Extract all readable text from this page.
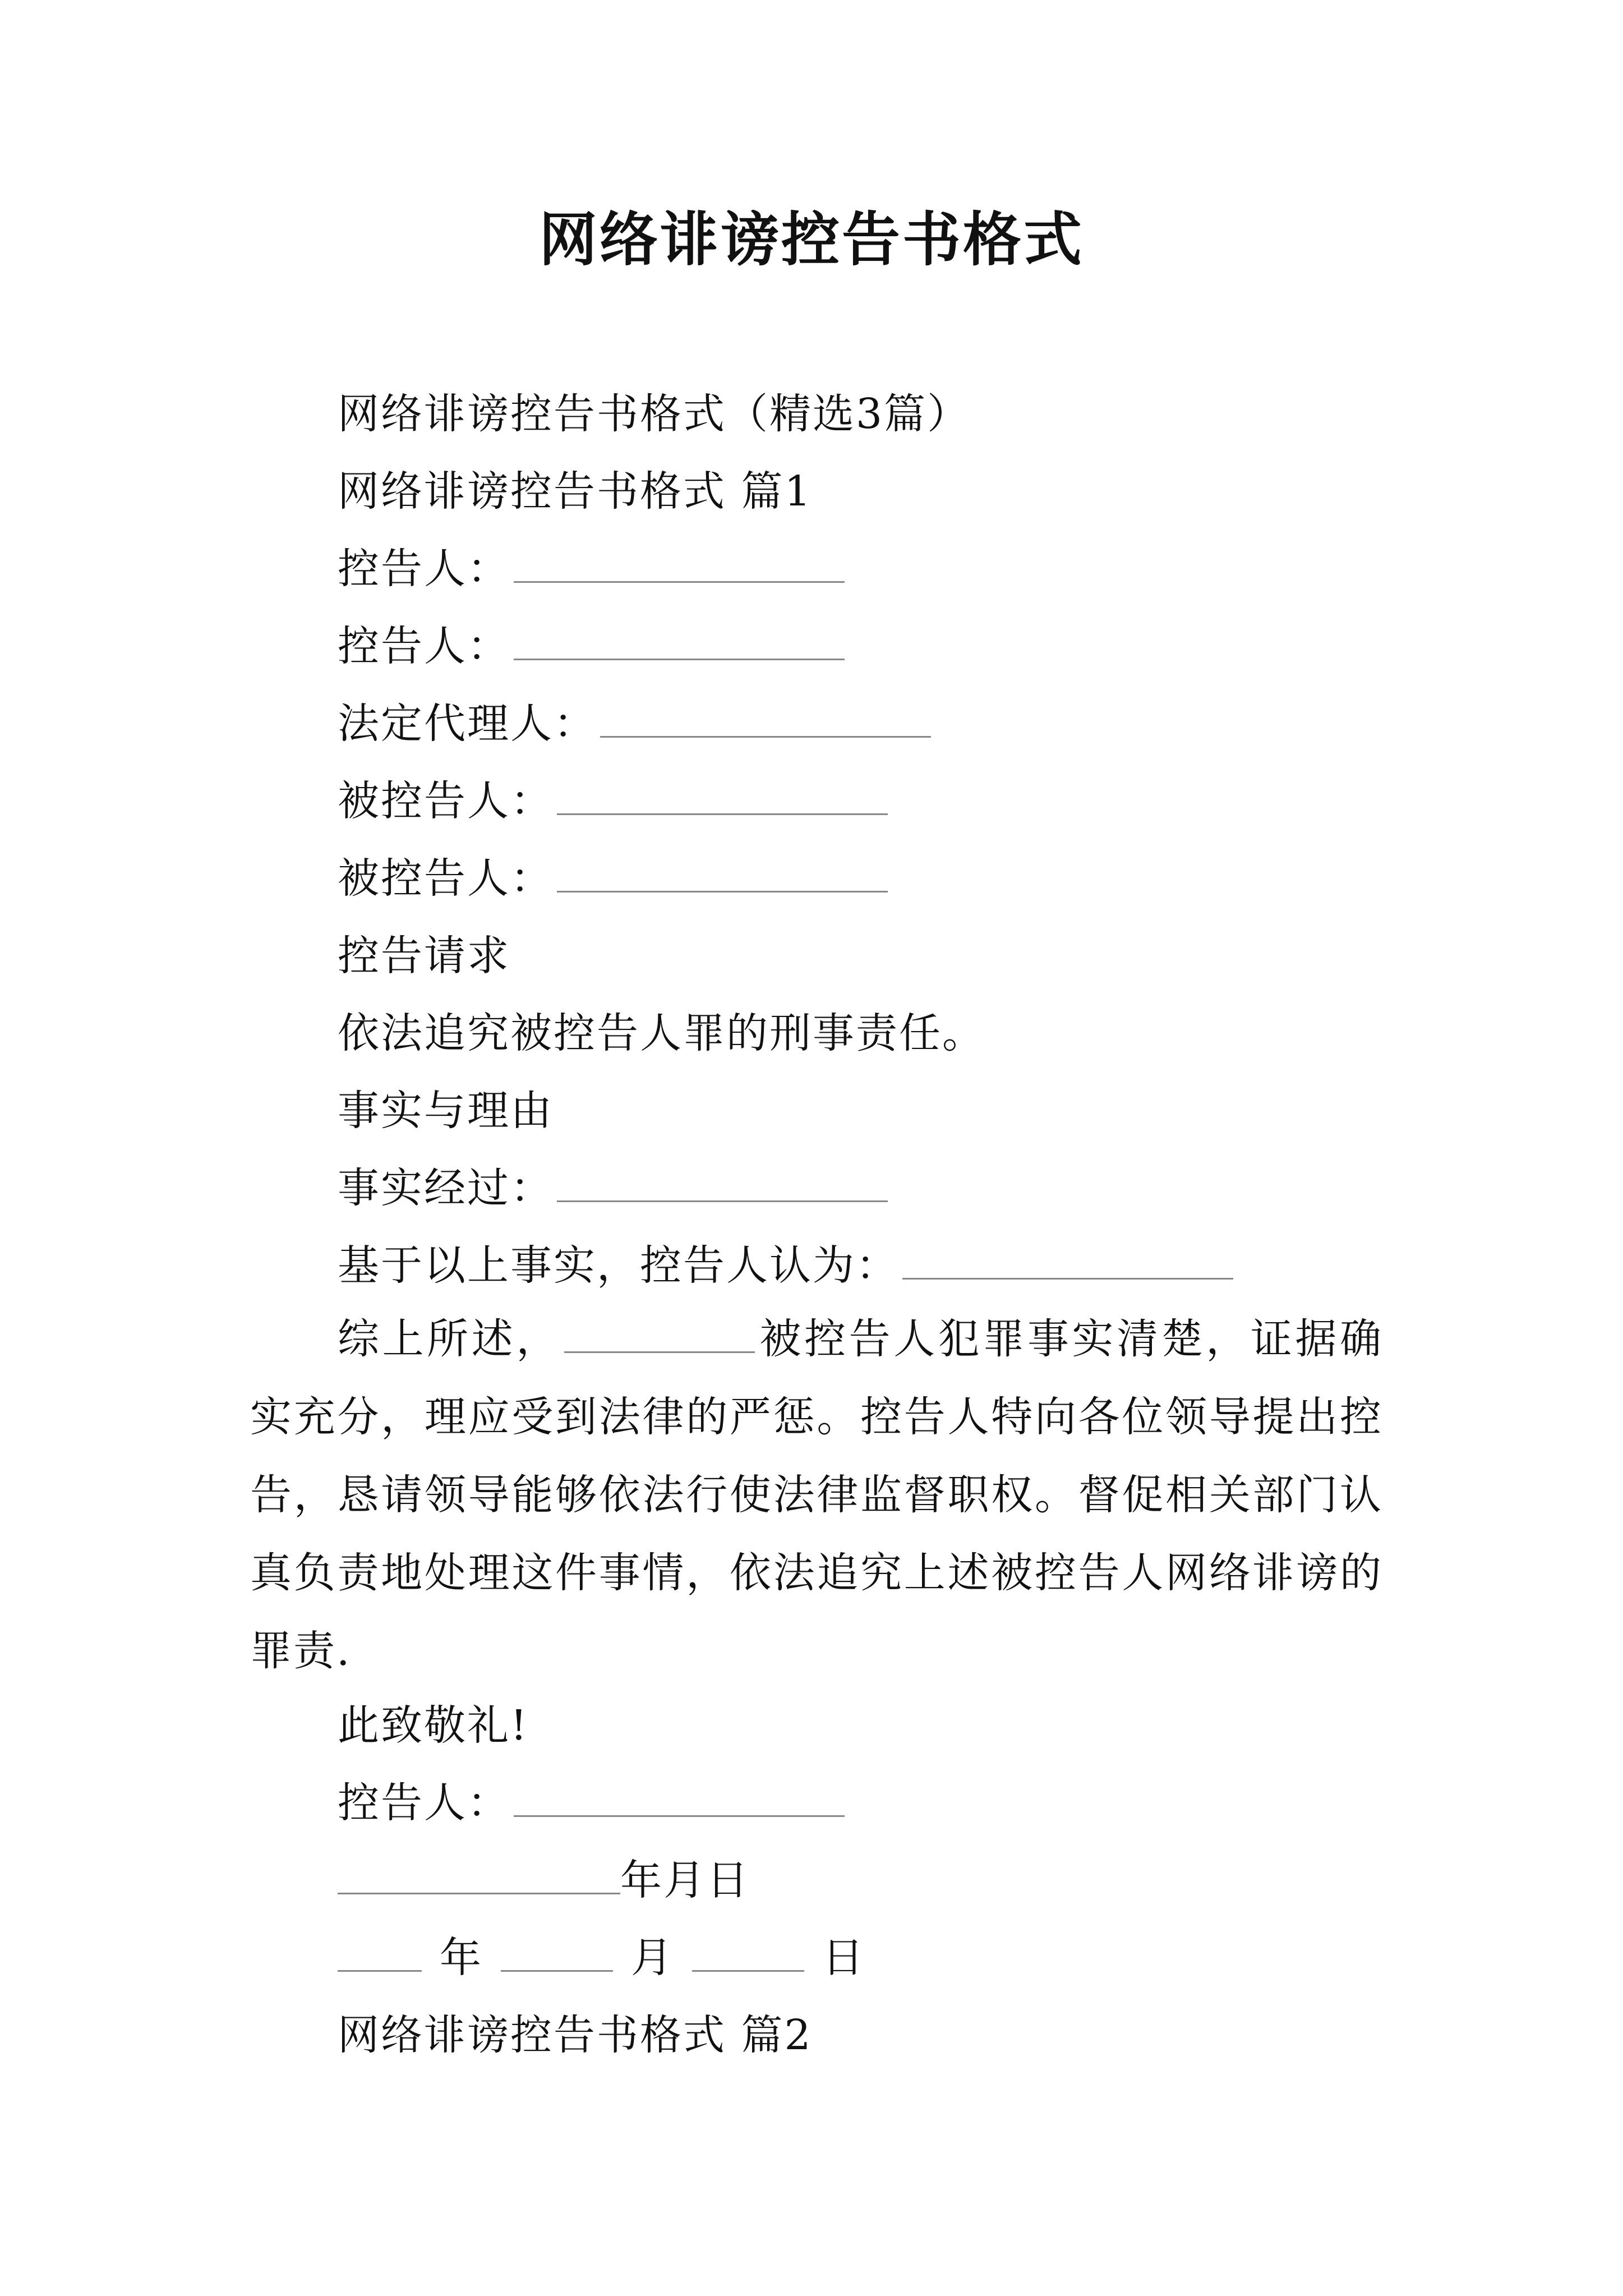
网络诽谤控告书格式
网络诽谤控告书格式（精选3篇）
网络诽谤控告书格式 篇1
控告人：
控告人：
法定代理人：
被控告人：
被控告人：
控告请求
依法追究被控告人罪的刑事责任。
事实与理由
事实经过：
基于以上事实，控告人认为：
综上所述，	被控告人犯罪事实清楚，证据确实充分，理应受到法律的严惩。控告人特向各位领导提出控告，恳请领导能够依法行使法律监督职权。督促相关部门认真负责地处理这件事情，依法追究上述被控告人网络诽谤的罪责.
此致敬礼!
控告人：
年月日
年	月	日
网络诽谤控告书格式 篇2
